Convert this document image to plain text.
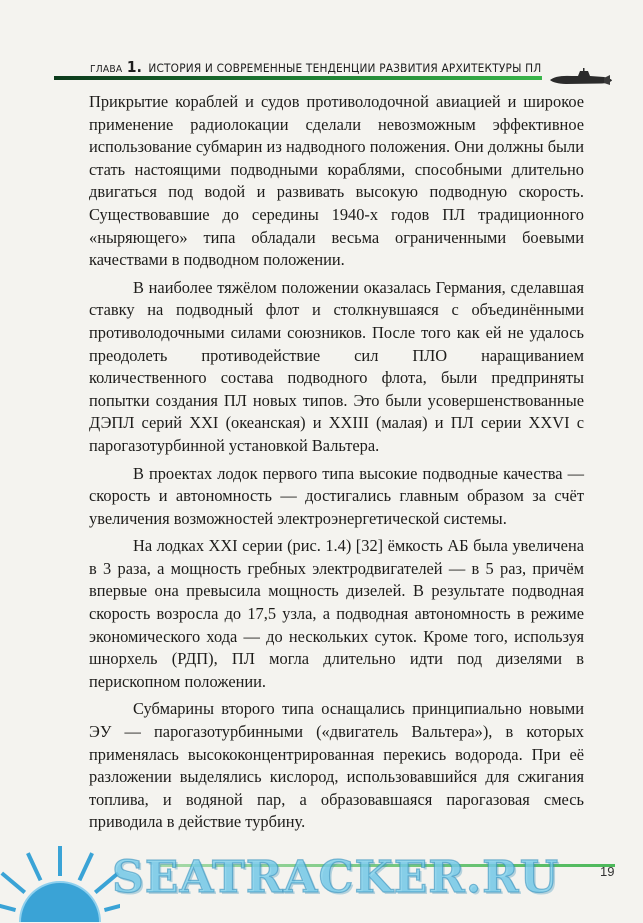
ГЛАВА 1. ИСТОРИЯ И СОВРЕМЕННЫЕ ТЕНДЕНЦИИ РАЗВИТИЯ АРХИТЕКТУРЫ ПЛ

Прикрытие кораблей и судов противолодочной авиацией и широкое применение радиолокации сделали невозможным эффективное использование субмарин из надводного положения. Они должны были стать настоящими подводными кораблями, способными длительно двигаться под водой и развивать высокую подводную скорость. Существовавшие до середины 1940-х годов ПЛ традиционного «ныряющего» типа обладали весьма ограниченными боевыми качествами в подводном положении.

В наиболее тяжёлом положении оказалась Германия, сделавшая ставку на подводный флот и столкнувшаяся с объединёнными противолодочными силами союзников. После того как ей не удалось преодолеть противодействие сил ПЛО наращиванием количественного состава подводного флота, были предприняты попытки создания ПЛ новых типов. Это были усовершенствованные ДЭПЛ серий XXI (океанская) и XXIII (малая) и ПЛ серии XXVI с парогазотурбинной установкой Вальтера.

В проектах лодок первого типа высокие подводные качества — скорость и автономность — достигались главным образом за счёт увеличения возможностей электроэнергетической системы.

На лодках XXI серии (рис. 1.4) [32] ёмкость АБ была увеличена в 3 раза, а мощность гребных электродвигателей — в 5 раз, причём впервые она превысила мощность дизелей. В результате подводная скорость возросла до 17,5 узла, а подводная автономность в режиме экономического хода — до нескольких суток. Кроме того, используя шнорхель (РДП), ПЛ могла длительно идти под дизелями в перископном положении.

Субмарины второго типа оснащались принципиально новыми ЭУ — парогазотурбинными («двигатель Вальтера»), в которых применялась высококонцентрированная перекись водорода. При её разложении выделялись кислород, использовавшийся для сжигания топлива, и водяной пар, а образовавшаяся парогазовая смесь приводила в действие турбину.

SEATRACKER.RU	19
